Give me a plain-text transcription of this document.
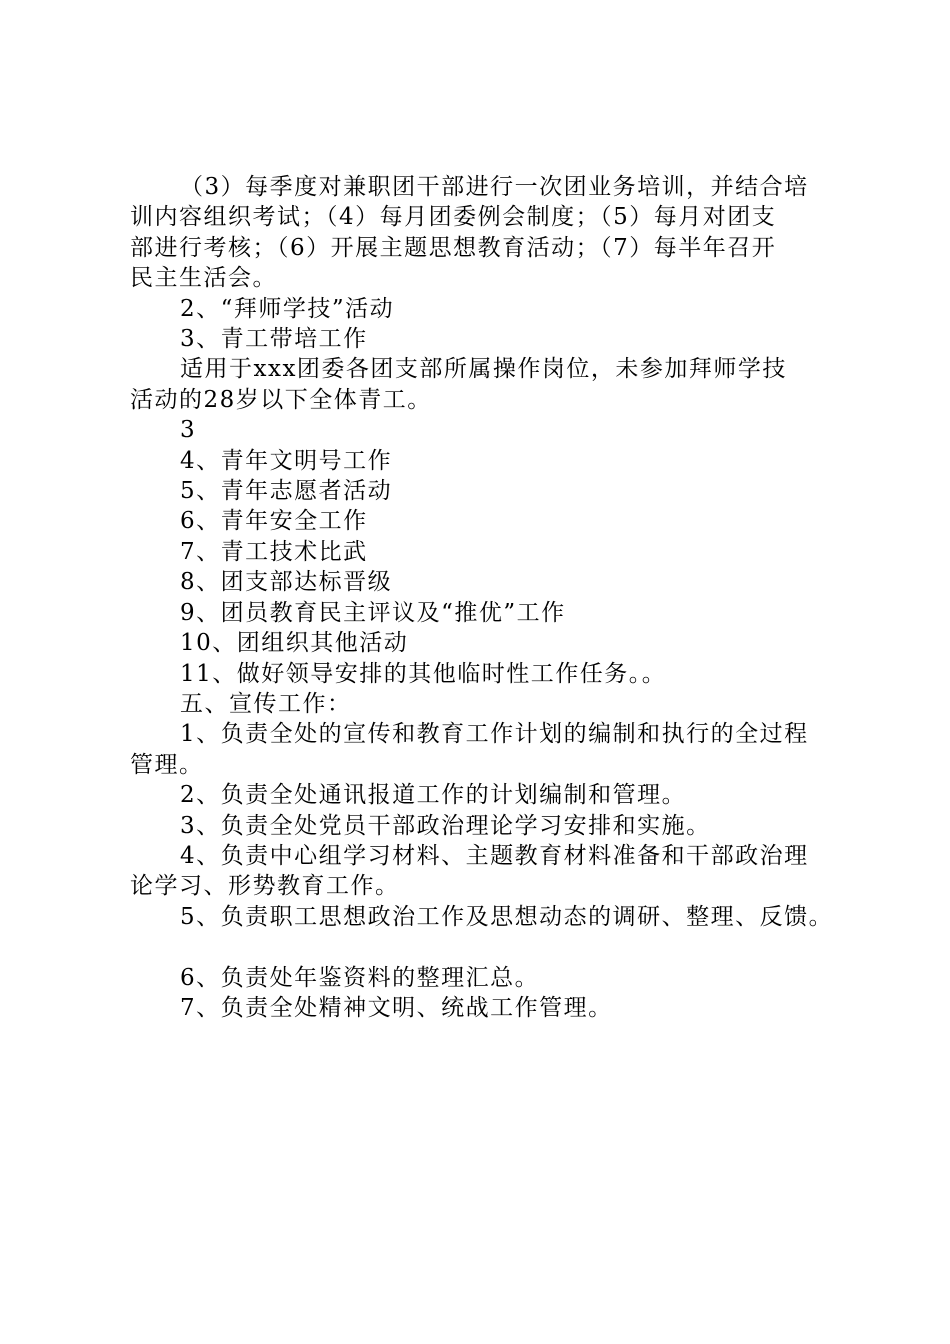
（3）每季度对兼职团干部进行一次团业务培训，并结合培

训内容组织考试；（4）每月团委例会制度；（5）每月对团支

部进行考核；（6）开展主题思想教育活动；（7）每半年召开

民主生活会。

2、“拜师学技”活动

3、青工带培工作

适用于xxx团委各团支部所属操作岗位，未参加拜师学技

活动的28岁以下全体青工。

3

4、青年文明号工作

5、青年志愿者活动

6、青年安全工作

7、青工技术比武

8、团支部达标晋级

9、团员教育民主评议及“推优”工作

10、团组织其他活动

11、做好领导安排的其他临时性工作任务。。

五、宣传工作：

1、负责全处的宣传和教育工作计划的编制和执行的全过程

管理。

2、负责全处通讯报道工作的计划编制和管理。

3、负责全处党员干部政治理论学习安排和实施。

4、负责中心组学习材料、主题教育材料准备和干部政治理

论学习、形势教育工作。

5、负责职工思想政治工作及思想动态的调研、整理、反馈。

6、负责处年鉴资料的整理汇总。

7、负责全处精神文明、统战工作管理。
